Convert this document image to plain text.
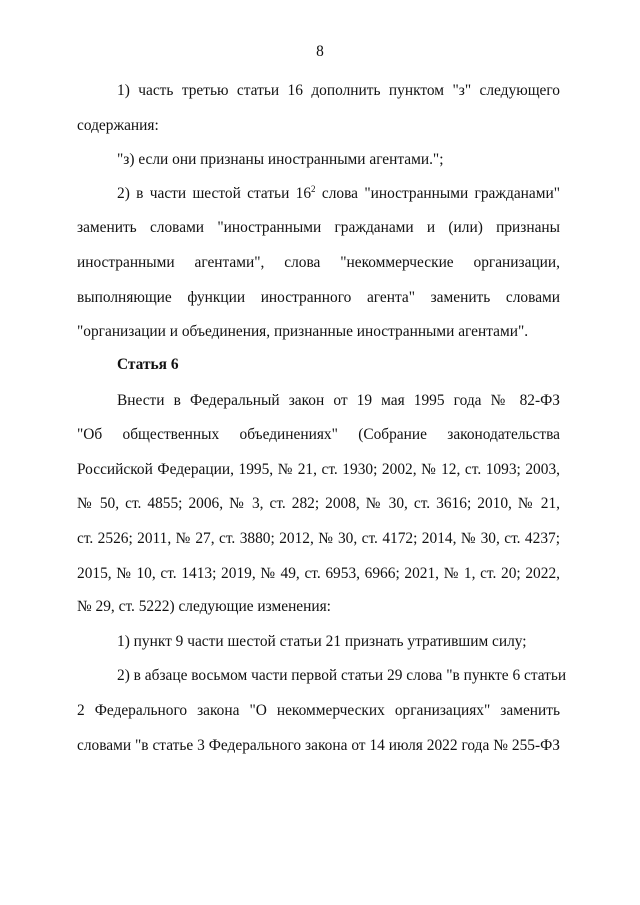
8
1) часть третью статьи 16 дополнить пунктом "з" следующего
содержания:
"з) если они признаны иностранными агентами.";
2) в части шестой статьи $16^2$ слова "иностранными гражданами"
заменить словами "иностранными гражданами и (или) признаны
иностранными агентами", слова "некоммерческие организации,
выполняющие функции иностранного агента" заменить словами
"организации и объединения, признанные иностранными агентами".
Статья 6
Внести в Федеральный закон от 19 мая 1995 года № 82-ФЗ
"Об общественных объединениях" (Собрание законодательства
Российской Федерации, 1995, № 21, ст. 1930; 2002, № 12, ст. 1093; 2003,
№ 50, ст. 4855; 2006, № 3, ст. 282; 2008, № 30, ст. 3616; 2010, № 21,
ст. 2526; 2011, № 27, ст. 3880; 2012, № 30, ст. 4172; 2014, № 30, ст. 4237;
2015, № 10, ст. 1413; 2019, № 49, ст. 6953, 6966; 2021, № 1, ст. 20; 2022,
№ 29, ст. 5222) следующие изменения:
1) пункт 9 части шестой статьи 21 признать утратившим силу;
2) в абзаце восьмом части первой статьи 29 слова "в пункте 6 статьи
2 Федерального закона "О некоммерческих организациях" заменить
словами "в статье 3 Федерального закона от 14 июля 2022 года № 255-ФЗ
